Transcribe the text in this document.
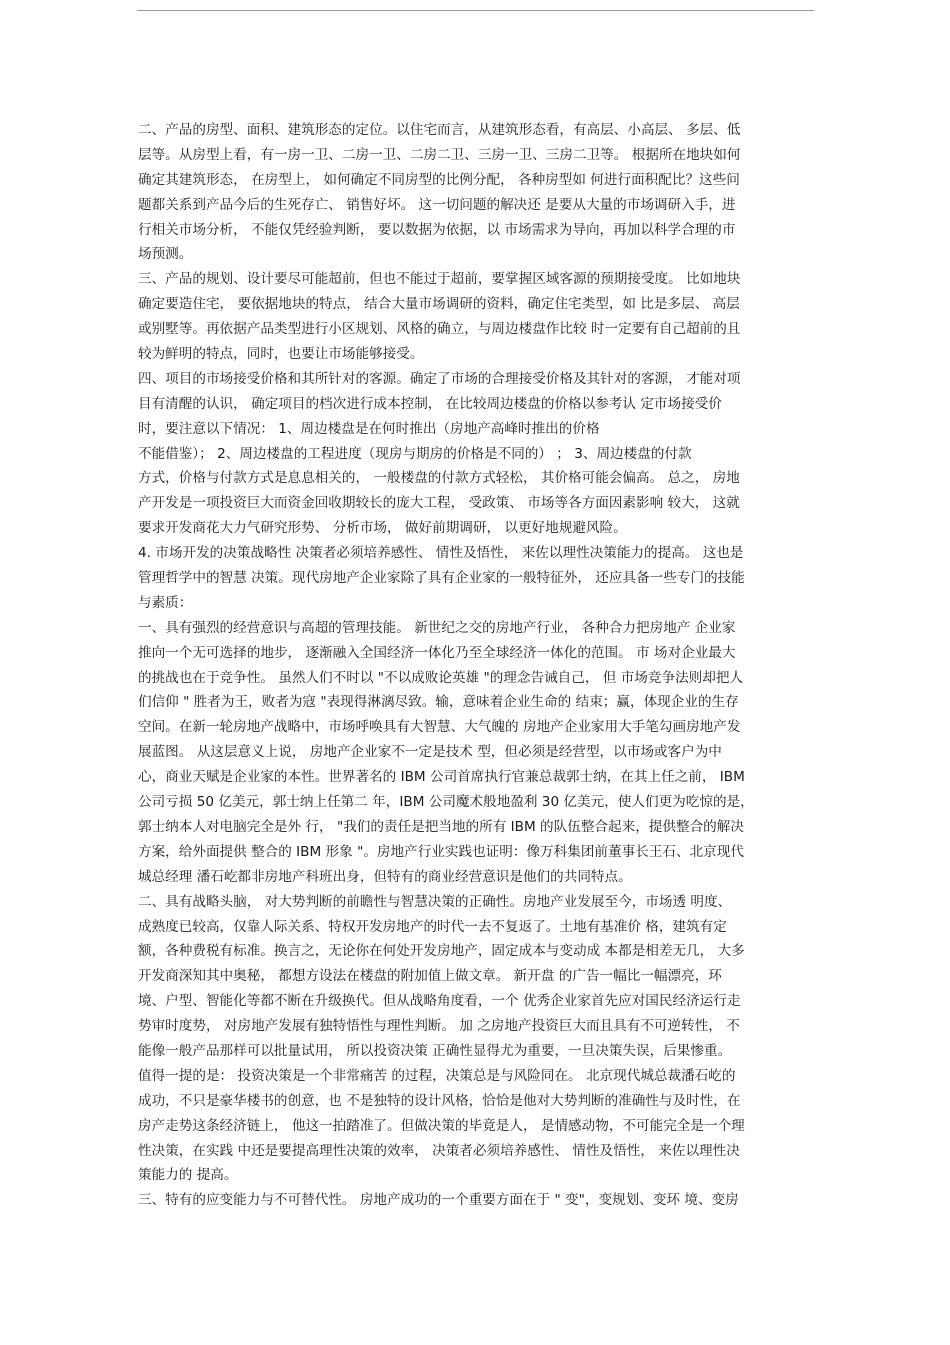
二、产品的房型、面积、建筑形态的定位。以住宅而言，从建筑形态看，有高层、小高层、 多层、低
层等。从房型上看，有一房一卫、二房一卫、二房二卫、三房一卫、三房二卫等。 根据所在地块如何
确定其建筑形态， 在房型上， 如何确定不同房型的比例分配， 各种房型如 何进行面积配比？这些问
题都关系到产品今后的生死存亡、 销售好坏。 这一切问题的解决还 是要从大量的市场调研入手，进
行相关市场分析， 不能仅凭经验判断， 要以数据为依据，以 市场需求为导向，再加以科学合理的市
场预测。
三、产品的规划、设计要尽可能超前，但也不能过于超前，要掌握区域客源的预期接受度。 比如地块
确定要造住宅， 要依据地块的特点， 结合大量市场调研的资料，确定住宅类型，如 比是多层、 高层
或别墅等。再依据产品类型进行小区规划、风格的确立，与周边楼盘作比较 时一定要有自己超前的且
较为鲜明的特点，同时，也要让市场能够接受。
四、项目的市场接受价格和其所针对的客源。确定了市场的合理接受价格及其针对的客源， 才能对项
目有清醒的认识， 确定项目的档次进行成本控制， 在比较周边楼盘的价格以参考认 定市场接受价
时，要注意以下情况： 1、周边楼盘是在何时推出（房地产高峰时推出的价格
不能借鉴）； 2、周边楼盘的工程进度（现房与期房的价格是不同的） ； 3、周边楼盘的付款
方式，价格与付款方式是息息相关的， 一般楼盘的付款方式轻松， 其价格可能会偏高。 总之， 房地
产开发是一项投资巨大而资金回收期较长的庞大工程， 受政策、 市场等各方面因素影响 较大， 这就
要求开发商花大力气研究形势、 分析市场， 做好前期调研， 以更好地规避风险。
4. 市场开发的决策战略性 决策者必须培养感性、 情性及悟性， 来佐以理性决策能力的提高。 这也是
管理哲学中的智慧 决策。现代房地产企业家除了具有企业家的一般特征外， 还应具备一些专门的技能
与素质：
一、具有强烈的经营意识与高超的管理技能。 新世纪之交的房地产行业， 各种合力把房地产 企业家
推向一个无可选择的地步， 逐渐融入全国经济一体化乃至全球经济一体化的范围。 市 场对企业最大
的挑战也在于竞争性。 虽然人们不时以 "不以成败论英雄 "的理念告诫自己， 但 市场竞争法则却把人
们信仰 " 胜者为王，败者为寇 "表现得淋漓尽致。输，意味着企业生命的 结束；赢，体现企业的生存
空间。在新一轮房地产战略中，市场呼唤具有大智慧、大气魄的 房地产企业家用大手笔勾画房地产发
展蓝图。 从这层意义上说， 房地产企业家不一定是技术 型，但必须是经营型，以市场或客户为中
心，商业天赋是企业家的本性。世界著名的 IBM 公司首席执行官兼总裁郭士纳，在其上任之前， IBM
公司亏损 50 亿美元，郭士纳上任第二 年，IBM 公司魔术般地盈利 30 亿美元，使人们更为吃惊的是，
郭士纳本人对电脑完全是外 行， "我们的责任是把当地的所有 IBM 的队伍整合起来，提供整合的解决
方案，给外面提供 整合的 IBM 形象 "。房地产行业实践也证明：像万科集团前董事长王石、北京现代
城总经理 潘石屹都非房地产科班出身，但特有的商业经营意识是他们的共同特点。
二、具有战略头脑， 对大势判断的前瞻性与智慧决策的正确性。房地产业发展至今，市场透 明度、
成熟度已较高，仅靠人际关系、特权开发房地产的时代一去不复返了。土地有基准价 格，建筑有定
额，各种费税有标准。换言之，无论你在何处开发房地产，固定成本与变动成 本都是相差无几， 大多
开发商深知其中奥秘， 都想方设法在楼盘的附加值上做文章。 新开盘 的广告一幅比一幅漂亮，环
境、户型、智能化等都不断在升级换代。但从战略角度看，一个 优秀企业家首先应对国民经济运行走
势审时度势， 对房地产发展有独特悟性与理性判断。 加 之房地产投资巨大而且具有不可逆转性， 不
能像一般产品那样可以批量试用， 所以投资决策 正确性显得尤为重要，一旦决策失误，后果惨重。
值得一提的是： 投资决策是一个非常痛苦 的过程，决策总是与风险同在。 北京现代城总裁潘石屹的
成功，不只是豪华楼书的创意，也 不是独特的设计风格，恰恰是他对大势判断的准确性与及时性，在
房产走势这条经济链上， 他这一拍踏准了。但做决策的毕竟是人， 是情感动物，不可能完全是一个理
性决策，在实践 中还是要提高理性决策的效率， 决策者必须培养感性、 情性及悟性， 来佐以理性决
策能力的 提高。
三、特有的应变能力与不可替代性。 房地产成功的一个重要方面在于 " 变"，变规划、变环 境、变房
